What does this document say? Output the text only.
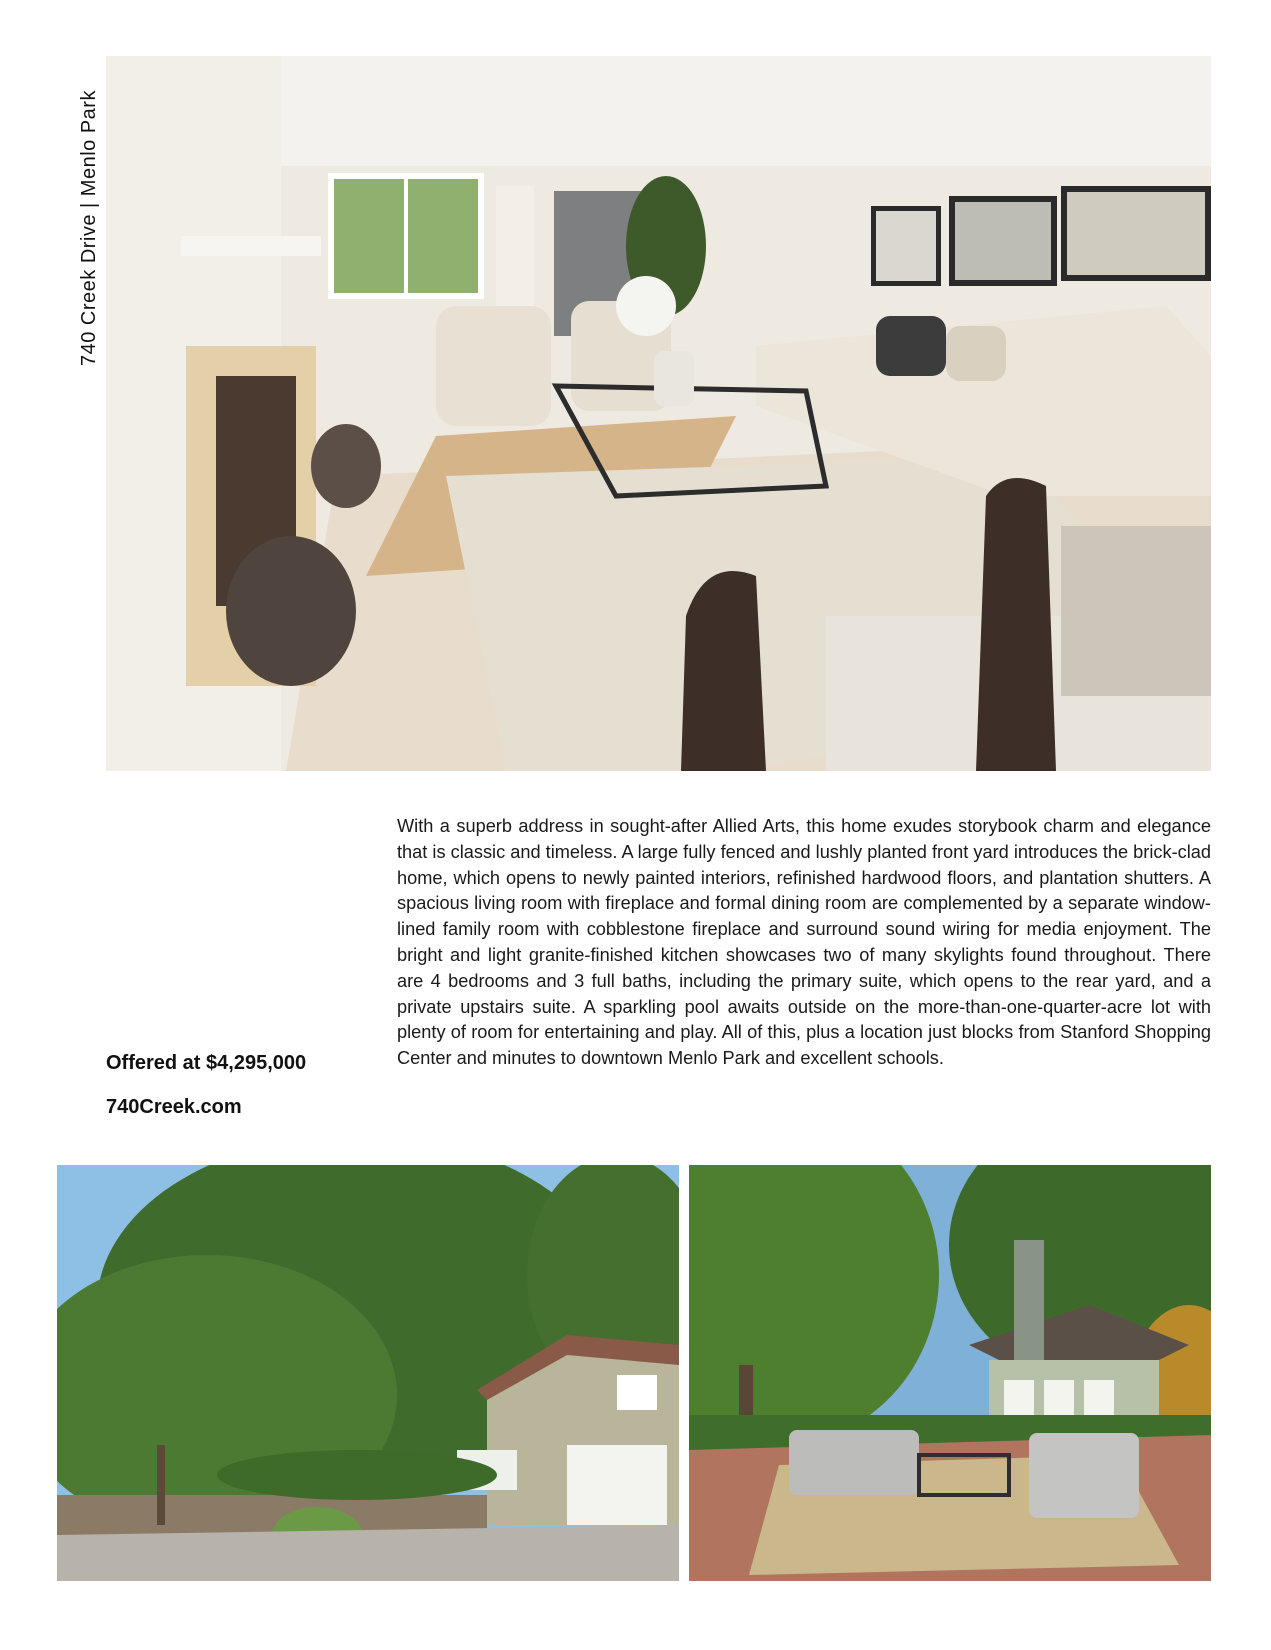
740 Creek Drive | Menlo Park
Offered at $4,295,000
740Creek.com
With a superb address in sought-after Allied Arts, this home exudes storybook charm and elegance that is classic and timeless. A large fully fenced and lushly planted front yard introduces the brick-clad home, which opens to newly painted interiors, refinished hardwood floors, and plantation shutters. A spacious living room with fireplace and formal dining room are complemented by a separate window-lined family room with cobblestone fireplace and surround sound wiring for media enjoyment. The bright and light granite-finished kitchen showcases two of many skylights found throughout. There are 4 bedrooms and 3 full baths, including the primary suite, which opens to the rear yard, and a private upstairs suite. A sparkling pool awaits outside on the more-than-one-quarter-acre lot with plenty of room for entertaining and play. All of this, plus a location just blocks from Stanford Shopping Center and minutes to downtown Menlo Park and excellent schools.
